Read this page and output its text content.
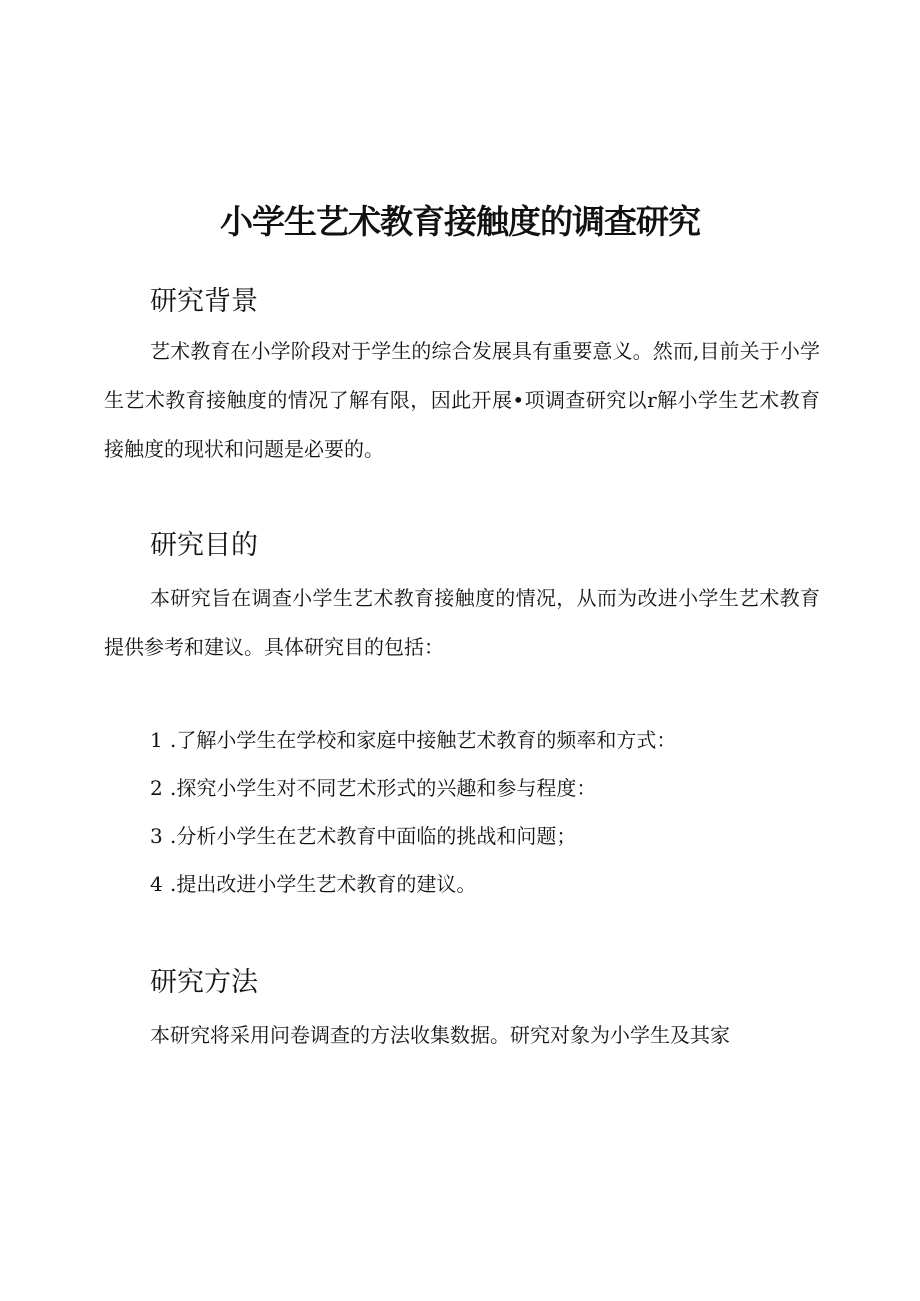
小学生艺术教育接触度的调查研究
研究背景

艺术教育在小学阶段对于学生的综合发展具有重要意义。然而,目前关于小学生艺术教育接触度的情况了解有限，因此开展•项调查研究以r解小学生艺术教育接触度的现状和问题是必要的。

研究目的

本研究旨在调查小学生艺术教育接触度的情况，从而为改进小学生艺术教育提供参考和建议。具体研究目的包括：

1 .了解小学生在学校和家庭中接触艺术教育的频率和方式：
2 .探究小学生对不同艺术形式的兴趣和参与程度：
3 .分析小学生在艺术教育中面临的挑战和问题；
4 .提出改进小学生艺术教育的建议。
研究方法

本研究将采用问卷调查的方法收集数据。研究对象为小学生及其家
